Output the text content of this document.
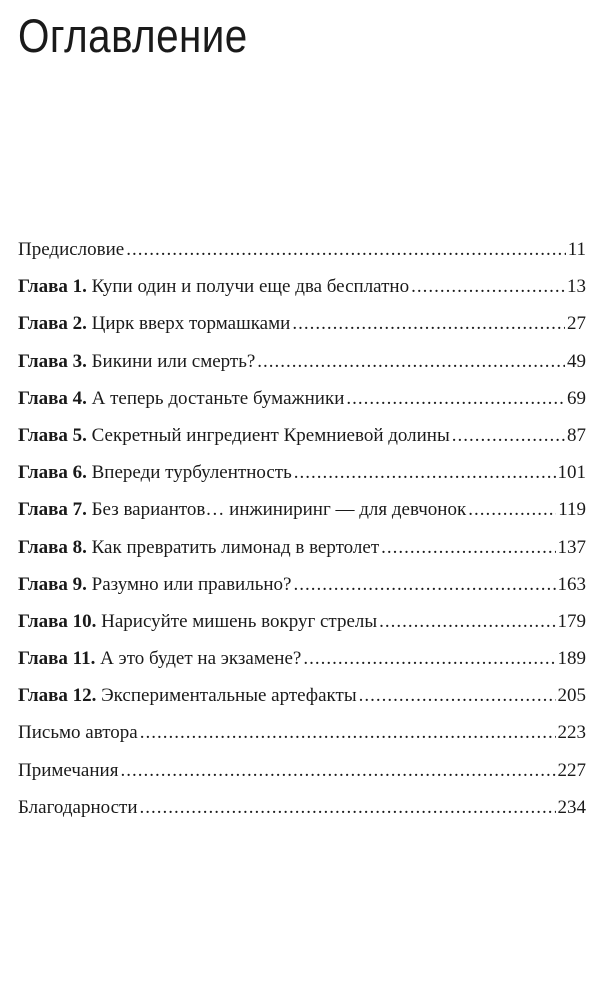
Оглавление
Предисловие .....	11
Глава 1. Купи один и получи еще два бесплатно .....	13
Глава 2. Цирк вверх тормашками .....	27
Глава 3. Бикини или смерть? .....	49
Глава 4. А теперь достаньте бумажники .....	69
Глава 5. Секретный ингредиент Кремниевой долины .....	87
Глава 6. Впереди турбулентность .....	101
Глава 7. Без вариантов… инжиниринг — для девчонок .....	119
Глава 8. Как превратить лимонад в вертолет .....	137
Глава 9. Разумно или правильно? .....	163
Глава 10. Нарисуйте мишень вокруг стрелы .....	179
Глава 11. А это будет на экзамене? .....	189
Глава 12. Экспериментальные артефакты .....	205
Письмо автора .....	223
Примечания .....	227
Благодарности .....	234
